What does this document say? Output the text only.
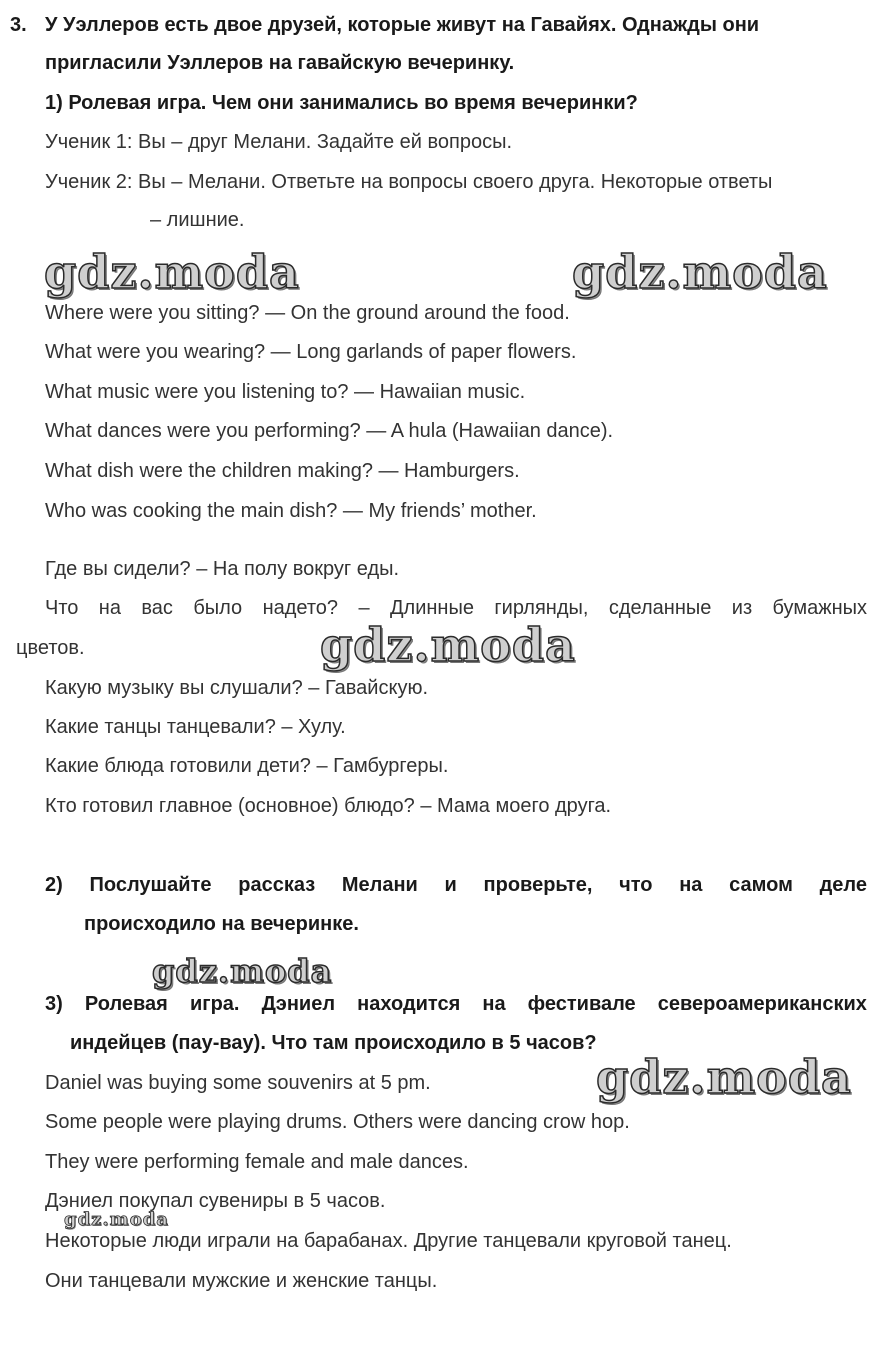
3. У Уэллеров есть двое друзей, которые живут на Гавайях. Однажды они
пригласили Уэллеров на гавайскую вечеринку.
1) Ролевая игра. Чем они занимались во время вечеринки?
Ученик 1: Вы – друг Мелани. Задайте ей вопросы.
Ученик 2: Вы – Мелани. Ответьте на вопросы своего друга. Некоторые ответы
– лишние.
gdz.moda	gdz.moda
Where were you sitting? — On the ground around the food.
What were you wearing? — Long garlands of paper flowers.
What music were you listening to? — Hawaiian music.
What dances were you performing? — A hula (Hawaiian dance).
What dish were the children making? — Hamburgers.
Who was cooking the main dish? — My friends’ mother.
Где вы сидели? – На полу вокруг еды.
Что на вас было надето? – Длинные гирлянды, сделанные из бумажных
цветов.	gdz.moda
Какую музыку вы слушали? – Гавайскую.
Какие танцы танцевали? – Хулу.
Какие блюда готовили дети? – Гамбургеры.
Кто готовил главное (основное) блюдо? – Мама моего друга.
2) Послушайте рассказ Мелани и проверьте, что на самом деле
происходило на вечеринке.
gdz.moda
3) Ролевая игра. Дэниел находится на фестивале североамериканских
индейцев (пау-вау). Что там происходило в 5 часов?
gdz.moda
Daniel was buying some souvenirs at 5 pm.
Some people were playing drums. Others were dancing crow hop.
They were performing female and male dances.
Дэниел покупал сувениры в 5 часов.
gdz.moda
Некоторые люди играли на барабанах. Другие танцевали круговой танец.
Они танцевали мужские и женские танцы.
